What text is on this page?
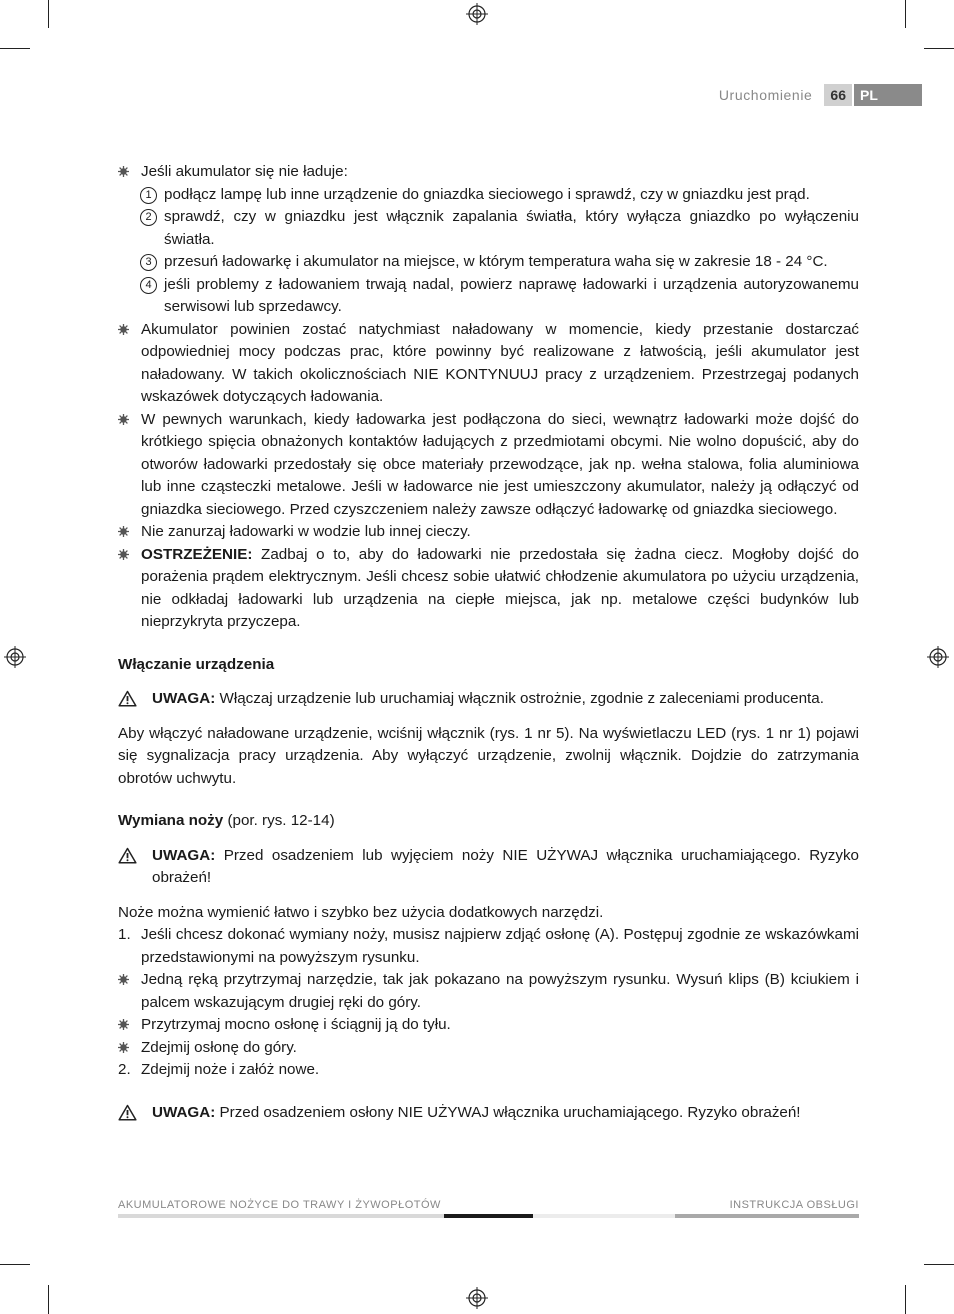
Uruchomienie	66	PL
Jeśli akumulator się nie ładuje:
1 podłącz lampę lub inne urządzenie do gniazdka sieciowego i sprawdź, czy w gniazdku jest prąd.
2 sprawdź, czy w gniazdku jest włącznik zapalania światła, który wyłącza gniazdko po wyłączeniu światła.
3 przesuń ładowarkę i akumulator na miejsce, w którym temperatura waha się w zakresie 18 - 24 °C.
4 jeśli problemy z ładowaniem trwają nadal, powierz naprawę ładowarki i urządzenia autoryzowanemu serwisowi lub sprzedawcy.
Akumulator powinien zostać natychmiast naładowany w momencie, kiedy przestanie dostarczać odpowiedniej mocy podczas prac, które powinny być realizowane z łatwością, jeśli akumulator jest naładowany. W takich okolicznościach NIE KONTYNUUJ pracy z urządzeniem. Przestrzegaj podanych wskazówek dotyczących ładowania.
W pewnych warunkach, kiedy ładowarka jest podłączona do sieci, wewnątrz ładowarki może dojść do krótkiego spięcia obnażonych kontaktów ładujących z przedmiotami obcymi. Nie wolno dopuścić, aby do otworów ładowarki przedostały się obce materiały przewodzące, jak np. wełna stalowa, folia aluminiowa lub inne cząsteczki metalowe. Jeśli w ładowarce nie jest umieszczony akumulator, należy ją odłączyć od gniazdka sieciowego. Przed czyszczeniem należy zawsze odłączyć ładowarkę od gniazdka sieciowego.
Nie zanurzaj ładowarki w wodzie lub innej cieczy.
OSTRZEŻENIE: Zadbaj o to, aby do ładowarki nie przedostała się żadna ciecz. Mogłoby dojść do porażenia prądem elektrycznym. Jeśli chcesz sobie ułatwić chłodzenie akumulatora po użyciu urządzenia, nie odkładaj ładowarki lub urządzenia na ciepłe miejsca, jak np. metalowe części budynków lub nieprzykryta przyczepa.
Włączanie urządzenia
UWAGA: Włączaj urządzenie lub uruchamiaj włącznik ostrożnie, zgodnie z zaleceniami producenta.
Aby włączyć naładowane urządzenie, wciśnij włącznik (rys. 1 nr 5). Na wyświetlaczu LED (rys. 1 nr 1) pojawi się sygnalizacja pracy urządzenia. Aby wyłączyć urządzenie, zwolnij włącznik. Dojdzie do zatrzymania obrotów uchwytu.
Wymiana noży (por. rys. 12-14)
UWAGA: Przed osadzeniem lub wyjęciem noży NIE UŻYWAJ włącznika uruchamiającego. Ryzyko obrażeń!
Noże można wymienić łatwo i szybko bez użycia dodatkowych narzędzi.
1. Jeśli chcesz dokonać wymiany noży, musisz najpierw zdjąć osłonę (A). Postępuj zgodnie ze wskazówkami przedstawionymi na powyższym rysunku.
Jedną ręką przytrzymaj narzędzie, tak jak pokazano na powyższym rysunku. Wysuń klips (B) kciukiem i palcem wskazującym drugiej ręki do góry.
Przytrzymaj mocno osłonę i ściągnij ją do tyłu.
Zdejmij osłonę do góry.
2. Zdejmij noże i załóż nowe.
UWAGA: Przed osadzeniem osłony NIE UŻYWAJ włącznika uruchamiającego. Ryzyko obrażeń!
AKUMULATOROWE NOŻYCE DO TRAWY I ŻYWOPŁOTÓW	INSTRUKCJA OBSŁUGI
